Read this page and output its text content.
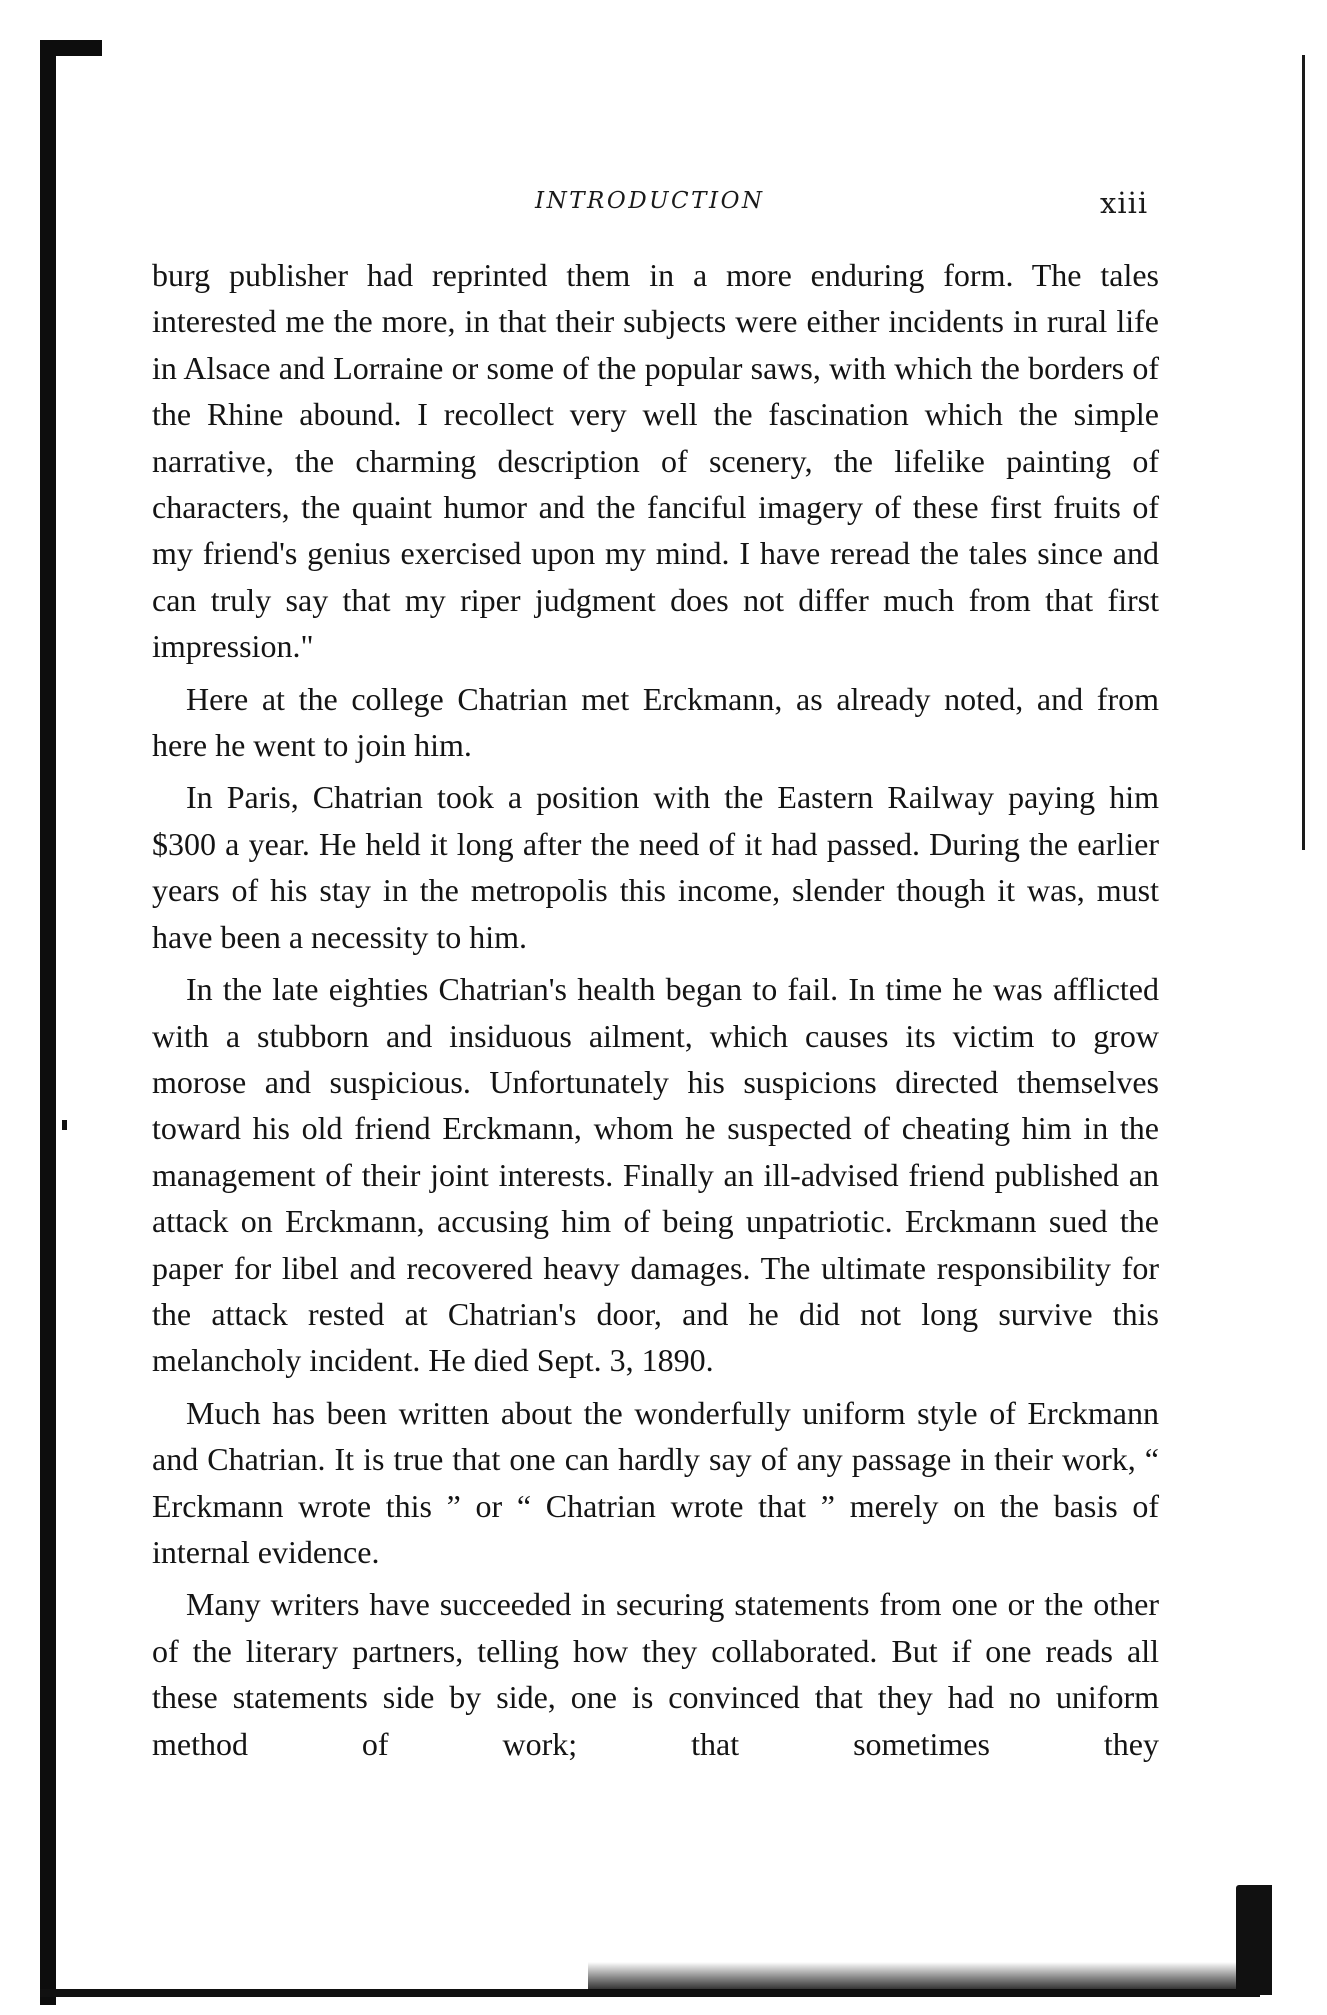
INTRODUCTION	xiii

burg publisher had reprinted them in a more enduring form. The tales interested me the more, in that their subjects were either incidents in rural life in Alsace and Lorraine or some of the popular saws, with which the borders of the Rhine abound. I recollect very well the fascination which the simple narrative, the charming description of scenery, the lifelike painting of characters, the quaint humor and the fanciful imagery of these first fruits of my friend's genius exercised upon my mind. I have reread the tales since and can truly say that my riper judgment does not differ much from that first impression."

Here at the college Chatrian met Erckmann, as already noted, and from here he went to join him.

In Paris, Chatrian took a position with the Eastern Railway paying him $300 a year. He held it long after the need of it had passed. During the earlier years of his stay in the metropolis this income, slender though it was, must have been a necessity to him.

In the late eighties Chatrian's health began to fail. In time he was afflicted with a stubborn and insiduous ailment, which causes its victim to grow morose and suspicious. Unfortunately his suspicions directed themselves toward his old friend Erckmann, whom he suspected of cheating him in the management of their joint interests. Finally an ill-advised friend published an attack on Erckmann, accusing him of being unpatriotic. Erckmann sued the paper for libel and recovered heavy damages. The ultimate responsibility for the attack rested at Chatrian's door, and he did not long survive this melancholy incident. He died Sept. 3, 1890.

Much has been written about the wonderfully uniform style of Erckmann and Chatrian. It is true that one can hardly say of any passage in their work, “ Erckmann wrote this ” or “ Chatrian wrote that ” merely on the basis of internal evidence.

Many writers have succeeded in securing statements from one or the other of the literary partners, telling how they collaborated. But if one reads all these statements side by side, one is convinced that they had no uniform method of work; that sometimes they
